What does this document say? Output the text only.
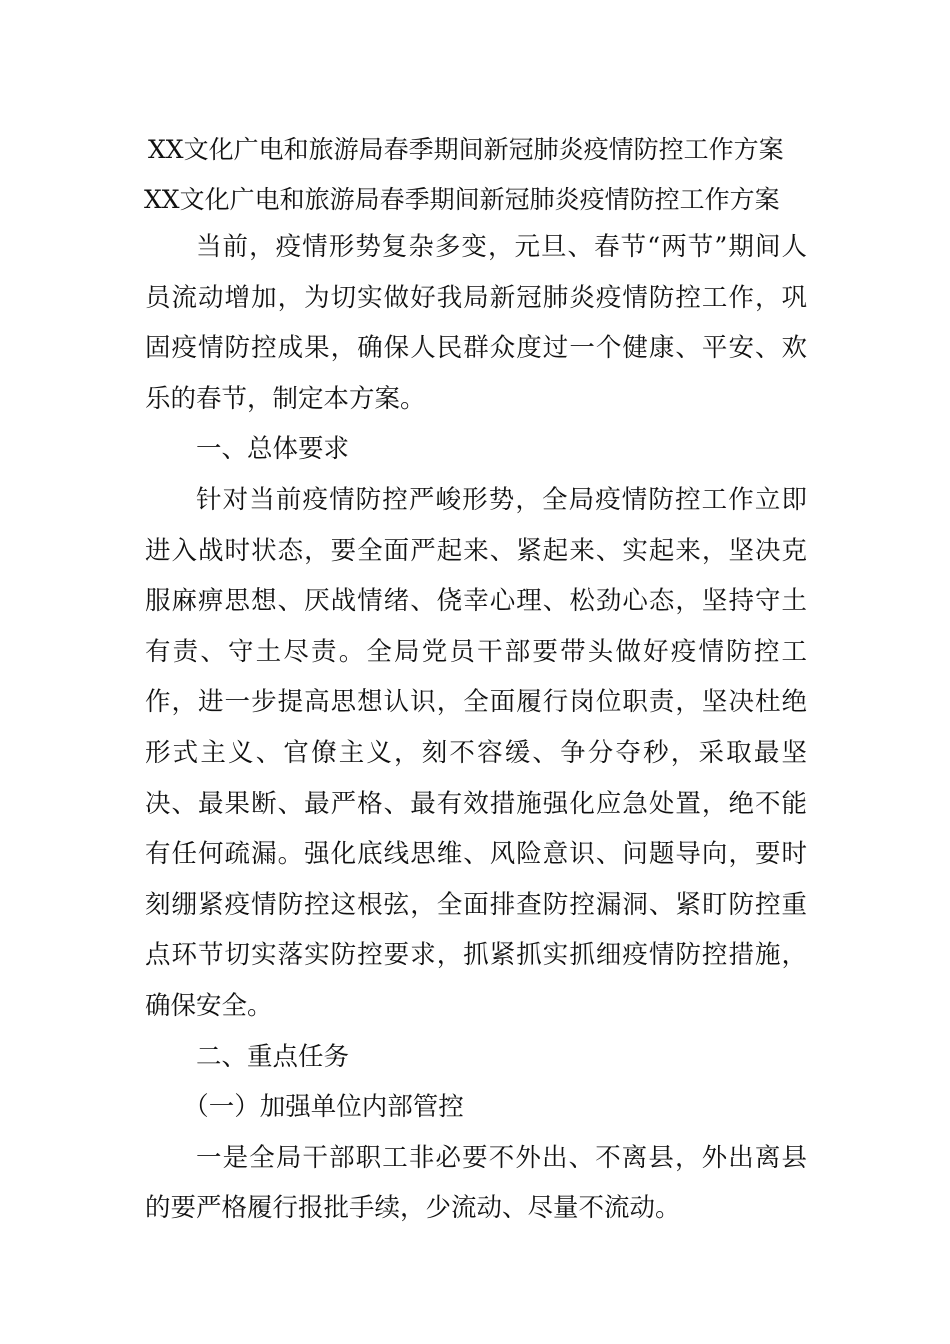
XX文化广电和旅游局春季期间新冠肺炎疫情防控工作方案
XX文化广电和旅游局春季期间新冠肺炎疫情防控工作方案

当前，疫情形势复杂多变，元旦、春节“两节”期间人员流动增加，为切实做好我局新冠肺炎疫情防控工作，巩固疫情防控成果，确保人民群众度过一个健康、平安、欢乐的春节，制定本方案。

一、总体要求

针对当前疫情防控严峻形势，全局疫情防控工作立即进入战时状态，要全面严起来、紧起来、实起来，坚决克服麻痹思想、厌战情绪、侥幸心理、松劲心态，坚持守土有责、守土尽责。全局党员干部要带头做好疫情防控工作，进一步提高思想认识，全面履行岗位职责，坚决杜绝形式主义、官僚主义，刻不容缓、争分夺秒，采取最坚决、最果断、最严格、最有效措施强化应急处置，绝不能有任何疏漏。强化底线思维、风险意识、问题导向，要时刻绷紧疫情防控这根弦，全面排查防控漏洞、紧盯防控重点环节切实落实防控要求，抓紧抓实抓细疫情防控措施，确保安全。

二、重点任务

（一）加强单位内部管控

一是全局干部职工非必要不外出、不离县，外出离县的要严格履行报批手续，少流动、尽量不流动。
